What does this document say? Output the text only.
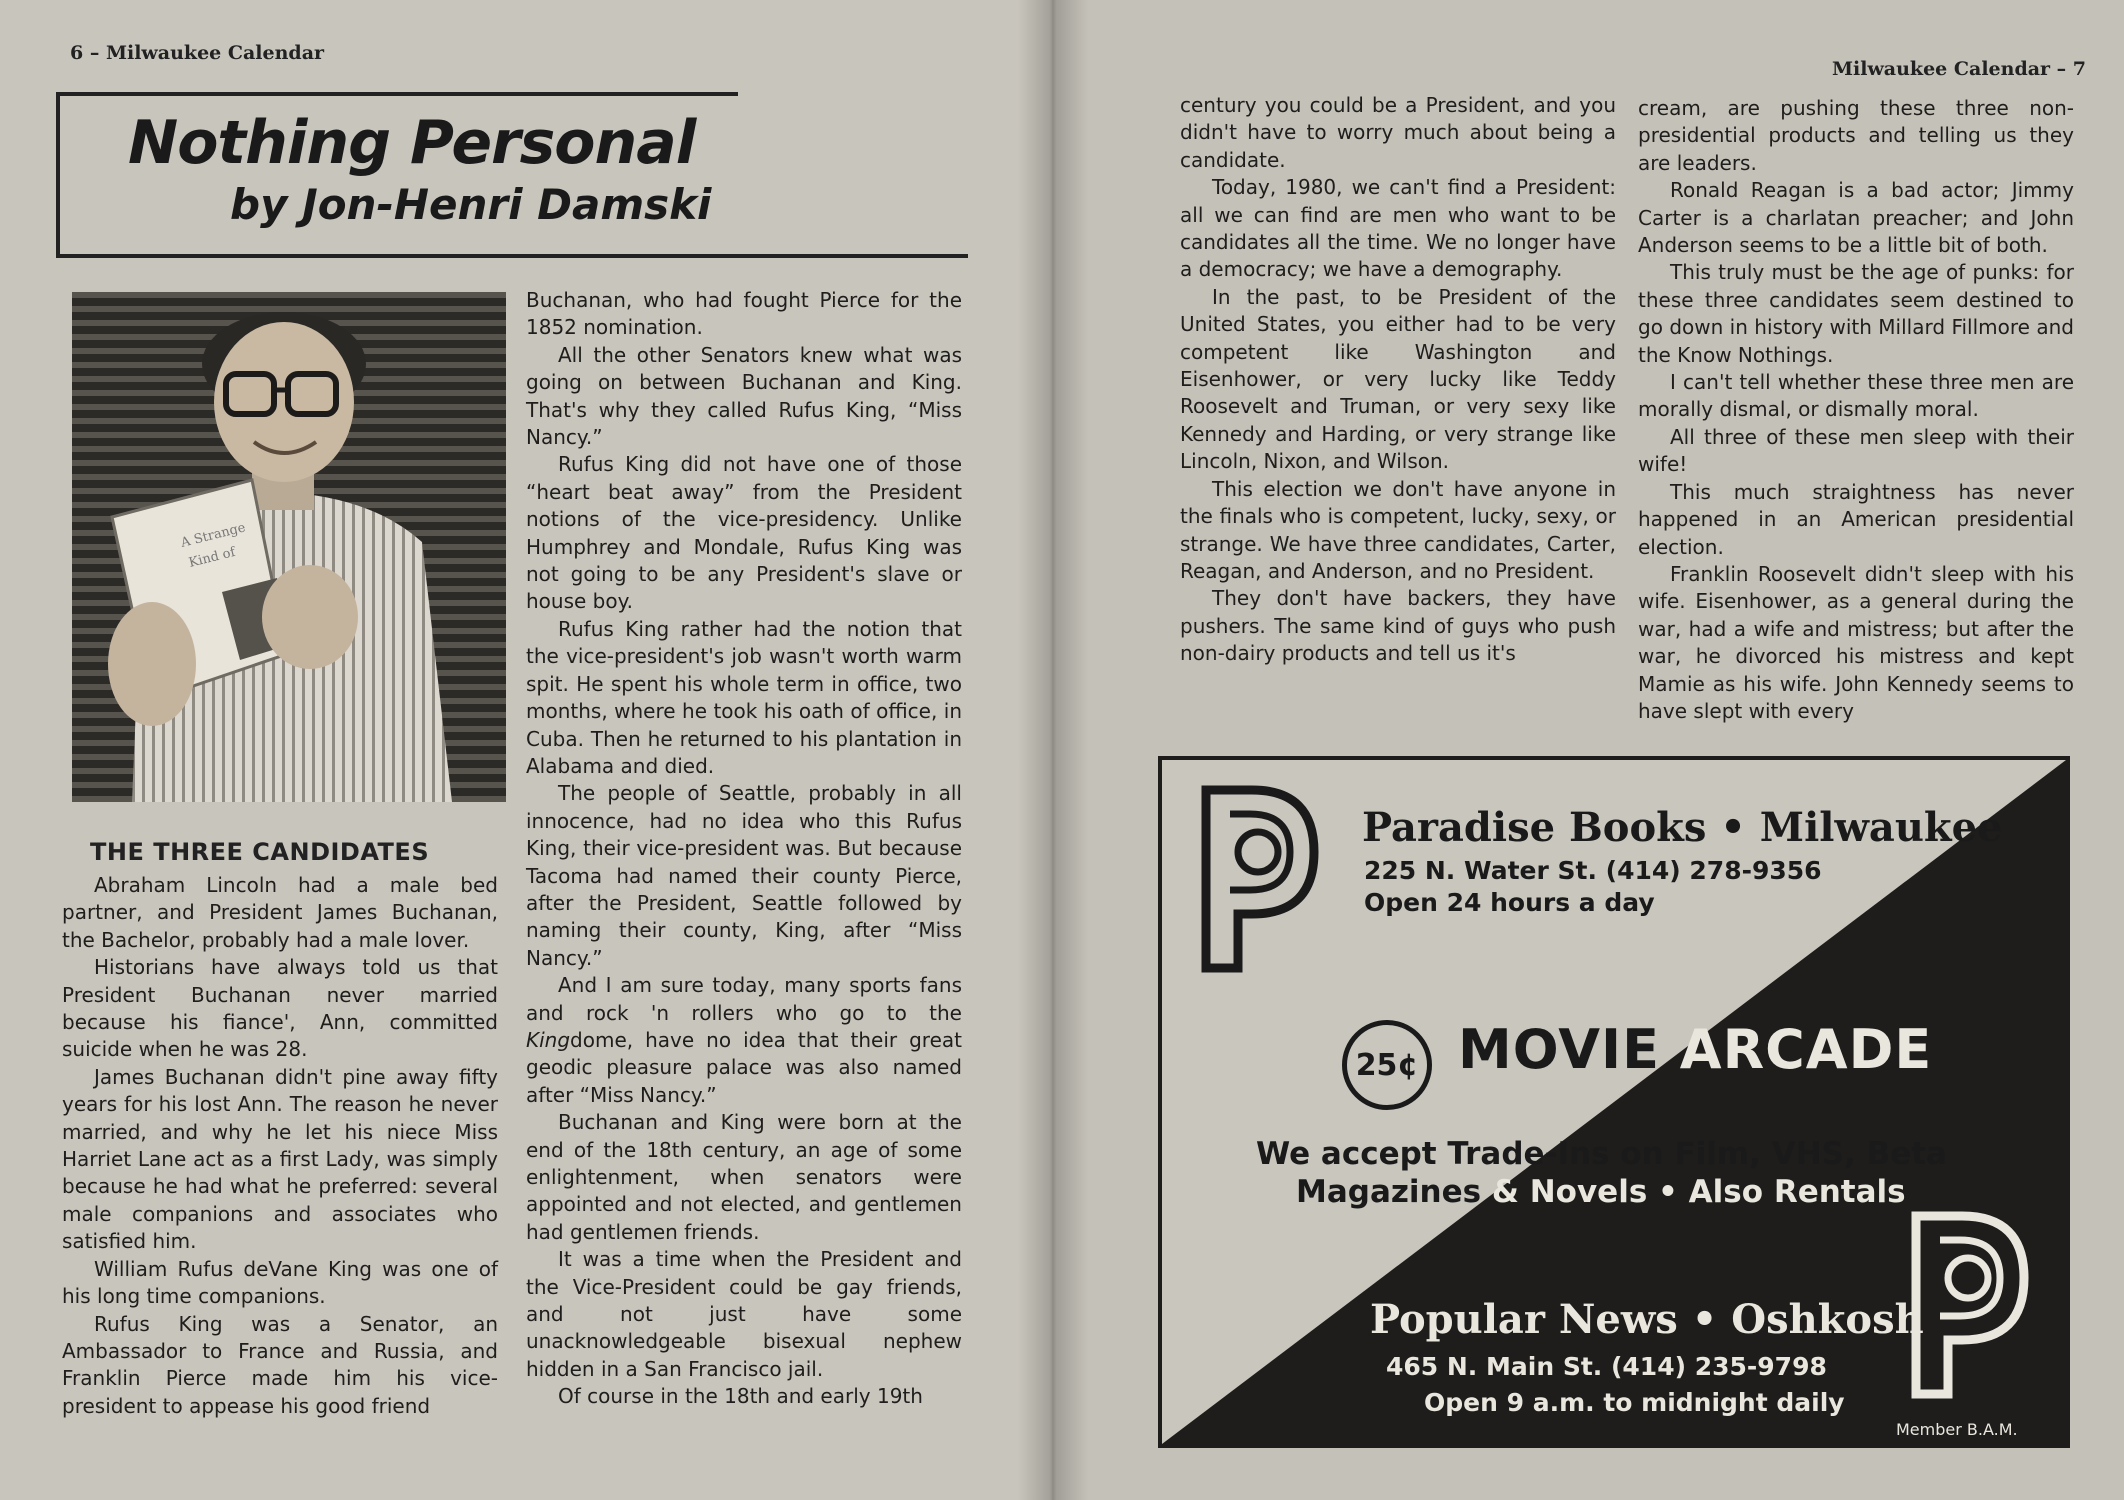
6 – Milwaukee Calendar
Nothing Personal
by Jon-Henri Damski
A Strange
Kind of
THE THREE CANDIDATES

Abraham Lincoln had a male bed partner, and President James Buchanan, the Bachelor, probably had a male lover.

Historians have always told us that President Buchanan never married because his fiance', Ann, committed suicide when he was 28.

James Buchanan didn't pine away fifty years for his lost Ann. The reason he never married, and why he let his niece Miss Harriet Lane act as a first Lady, was simply because he had what he preferred: several male companions and associates who satisfied him.

William Rufus deVane King was one of his long time companions.

Rufus King was a Senator, an Ambassador to France and Russia, and Franklin Pierce made him his vice-president to appease his good friend

Buchanan, who had fought Pierce for the 1852 nomination.

All the other Senators knew what was going on between Buchanan and King. That's why they called Rufus King, “Miss Nancy.”

Rufus King did not have one of those “heart beat away” from the President notions of the vice-presidency. Unlike Humphrey and Mondale, Rufus King was not going to be any President's slave or house boy.

Rufus King rather had the notion that the vice-president's job wasn't worth warm spit. He spent his whole term in office, two months, where he took his oath of office, in Cuba. Then he returned to his plantation in Alabama and died.

The people of Seattle, probably in all innocence, had no idea who this Rufus King, their vice-president was. But because Tacoma had named their county Pierce, after the President, Seattle followed by naming their county, King, after “Miss Nancy.”

And I am sure today, many sports fans and rock 'n rollers who go to the Kingdome, have no idea that their great geodic pleasure palace was also named after “Miss Nancy.”

Buchanan and King were born at the end of the 18th century, an age of some enlightenment, when senators were appointed and not elected, and gentlemen had gentlemen friends.

It was a time when the President and the Vice-President could be gay friends, and not just have some unacknowledgeable bisexual nephew hidden in a San Francisco jail.

Of course in the 18th and early 19th

Milwaukee Calendar – 7

century you could be a President, and you didn't have to worry much about being a candidate.

Today, 1980, we can't find a President: all we can find are men who want to be candidates all the time. We no longer have a democracy; we have a demography.

In the past, to be President of the United States, you either had to be very competent like Washington and Eisenhower, or very lucky like Teddy Roosevelt and Truman, or very sexy like Kennedy and Harding, or very strange like Lincoln, Nixon, and Wilson.

This election we don't have anyone in the finals who is competent, lucky, sexy, or strange. We have three candidates, Carter, Reagan, and Anderson, and no President.

They don't have backers, they have pushers. The same kind of guys who push non-dairy products and tell us it's

cream, are pushing these three non-presidential products and telling us they are leaders.

Ronald Reagan is a bad actor; Jimmy Carter is a charlatan preacher; and John Anderson seems to be a little bit of both.

This truly must be the age of punks: for these three candidates seem destined to go down in history with Millard Fillmore and the Know Nothings.

I can't tell whether these three men are morally dismal, or dismally moral.

All three of these men sleep with their wife!

This much straightness has never happened in an American presidential election.

Franklin Roosevelt didn't sleep with his wife. Eisenhower, as a general during the war, had a wife and mistress; but after the war, he divorced his mistress and kept Mamie as his wife. John Kennedy seems to have slept with every

Paradise Books • Milwaukee
225 N. Water St. (414) 278-9356
Open 24 hours a day
25¢ MOVIE ARCADE
We accept Trade-Ins on Film, VHS, Beta
Magazines & Novels • Also Rentals
Popular News • Oshkosh
465 N. Main St. (414) 235-9798
Open 9 a.m. to midnight daily
Member B.A.M.
